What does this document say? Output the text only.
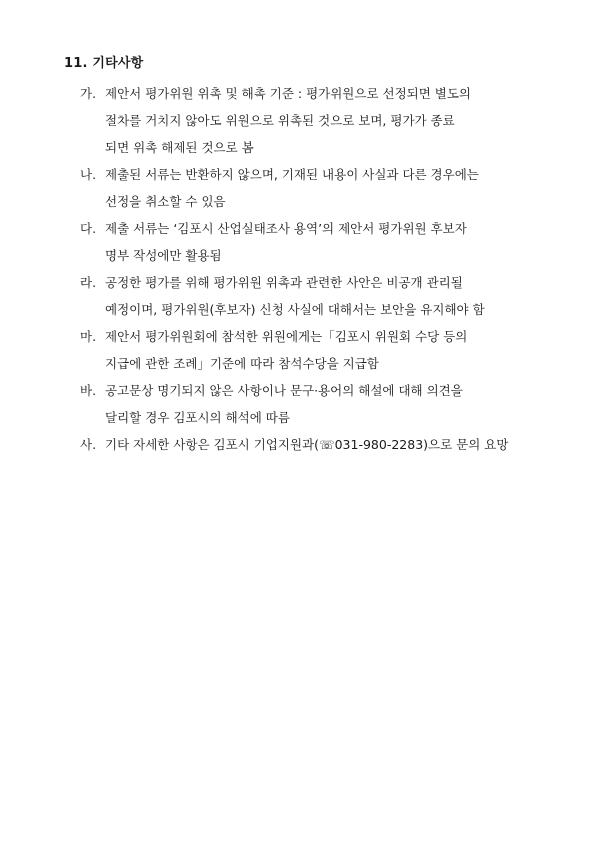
11. 기타사항
가. 제안서 평가위원 위촉 및 해촉 기준 : 평가위원으로 선정되면 별도의
절차를 거치지 않아도 위원으로 위촉된 것으로 보며, 평가가 종료
되면 위촉 해제된 것으로 봄
나. 제출된 서류는 반환하지 않으며, 기재된 내용이 사실과 다른 경우에는
선정을 취소할 수 있음
다. 제출 서류는 ‘김포시 산업실태조사 용역’의 제안서 평가위원 후보자
명부 작성에만 활용됨
라. 공정한 평가를 위해 평가위원 위촉과 관련한 사안은 비공개 관리될
예정이며, 평가위원(후보자) 신청 사실에 대해서는 보안을 유지해야 함
마. 제안서 평가위원회에 참석한 위원에게는「김포시 위원회 수당 등의
지급에 관한 조례」기준에 따라 참석수당을 지급함
바. 공고문상 명기되지 않은 사항이나 문구·용어의 해설에 대해 의견을
달리할 경우 김포시의 해석에 따름
사. 기타 자세한 사항은 김포시 기업지원과(☏031-980-2283)으로 문의 요망
